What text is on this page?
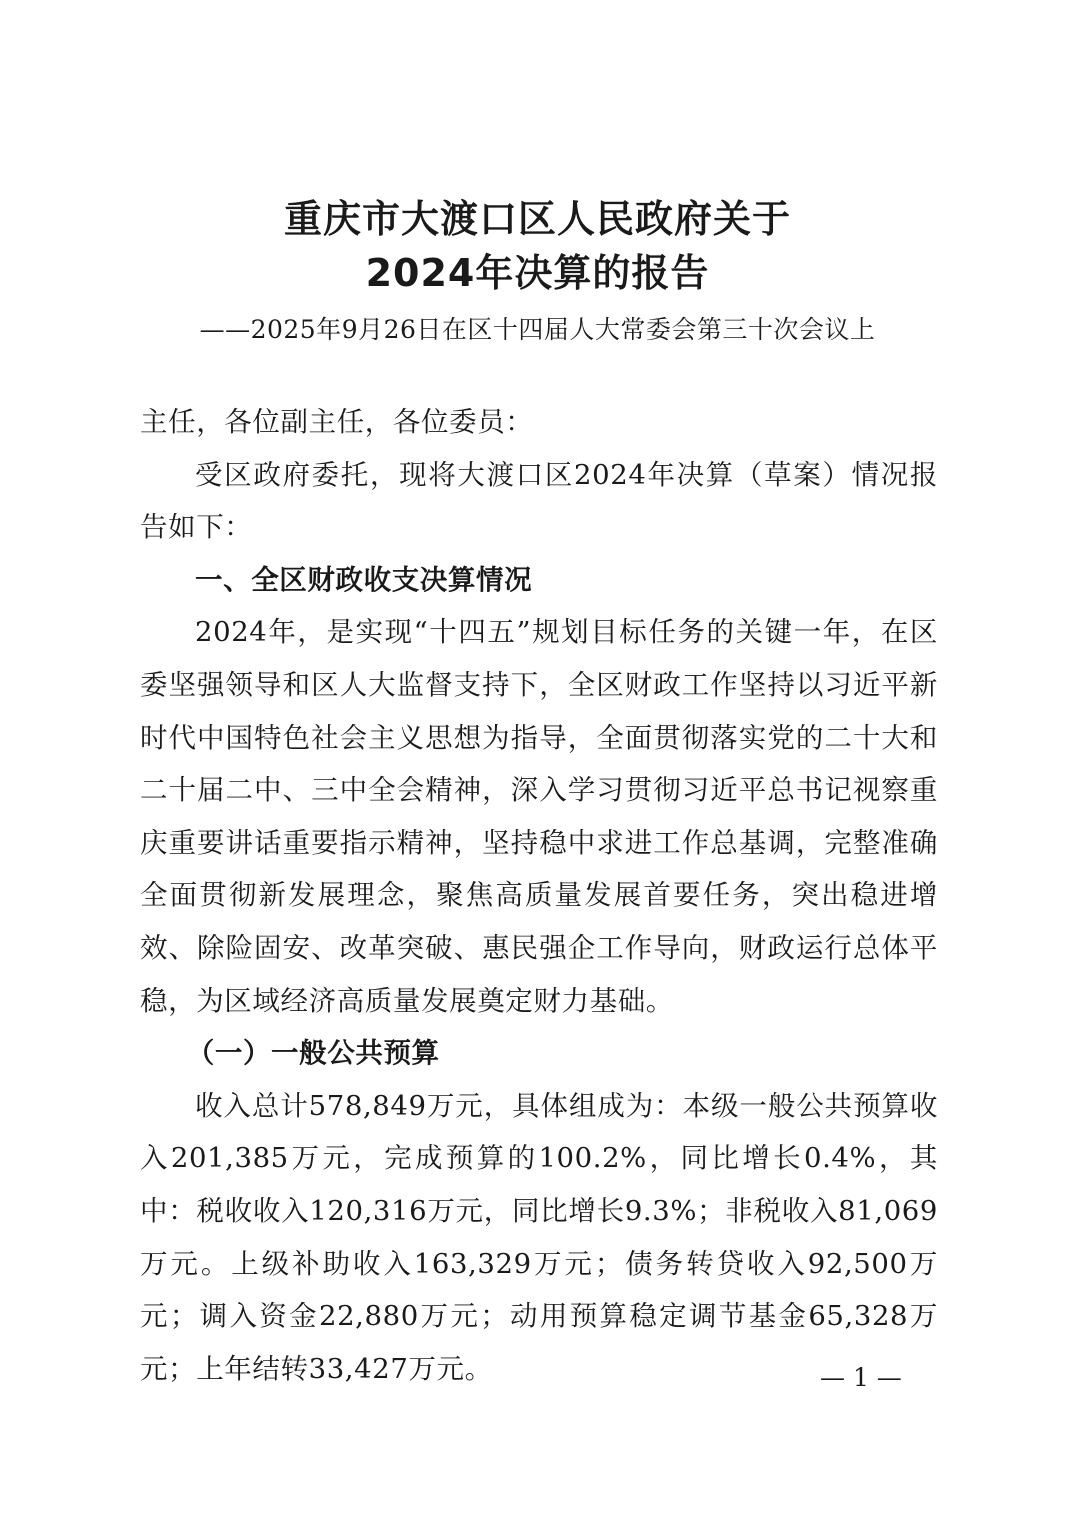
重庆市大渡口区人民政府关于
2024年决算的报告
——2025年9月26日在区十四届人大常委会第三十次会议上

主任，各位副主任，各位委员：

受区政府委托，现将大渡口区2024年决算（草案）情况报告如下：

一、全区财政收支决算情况

2024年，是实现“十四五”规划目标任务的关键一年，在区委坚强领导和区人大监督支持下，全区财政工作坚持以习近平新时代中国特色社会主义思想为指导，全面贯彻落实党的二十大和二十届二中、三中全会精神，深入学习贯彻习近平总书记视察重庆重要讲话重要指示精神，坚持稳中求进工作总基调，完整准确全面贯彻新发展理念，聚焦高质量发展首要任务，突出稳进增效、除险固安、改革突破、惠民强企工作导向，财政运行总体平稳，为区域经济高质量发展奠定财力基础。

（一）一般公共预算

收入总计578,849万元，具体组成为：本级一般公共预算收入201,385万元，完成预算的100.2%，同比增长0.4%，其中：税收收入120,316万元，同比增长9.3%；非税收入81,069万元。上级补助收入163,329万元；债务转贷收入92,500万元；调入资金22,880万元；动用预算稳定调节基金65,328万元；上年结转33,427万元。	— 1 —
